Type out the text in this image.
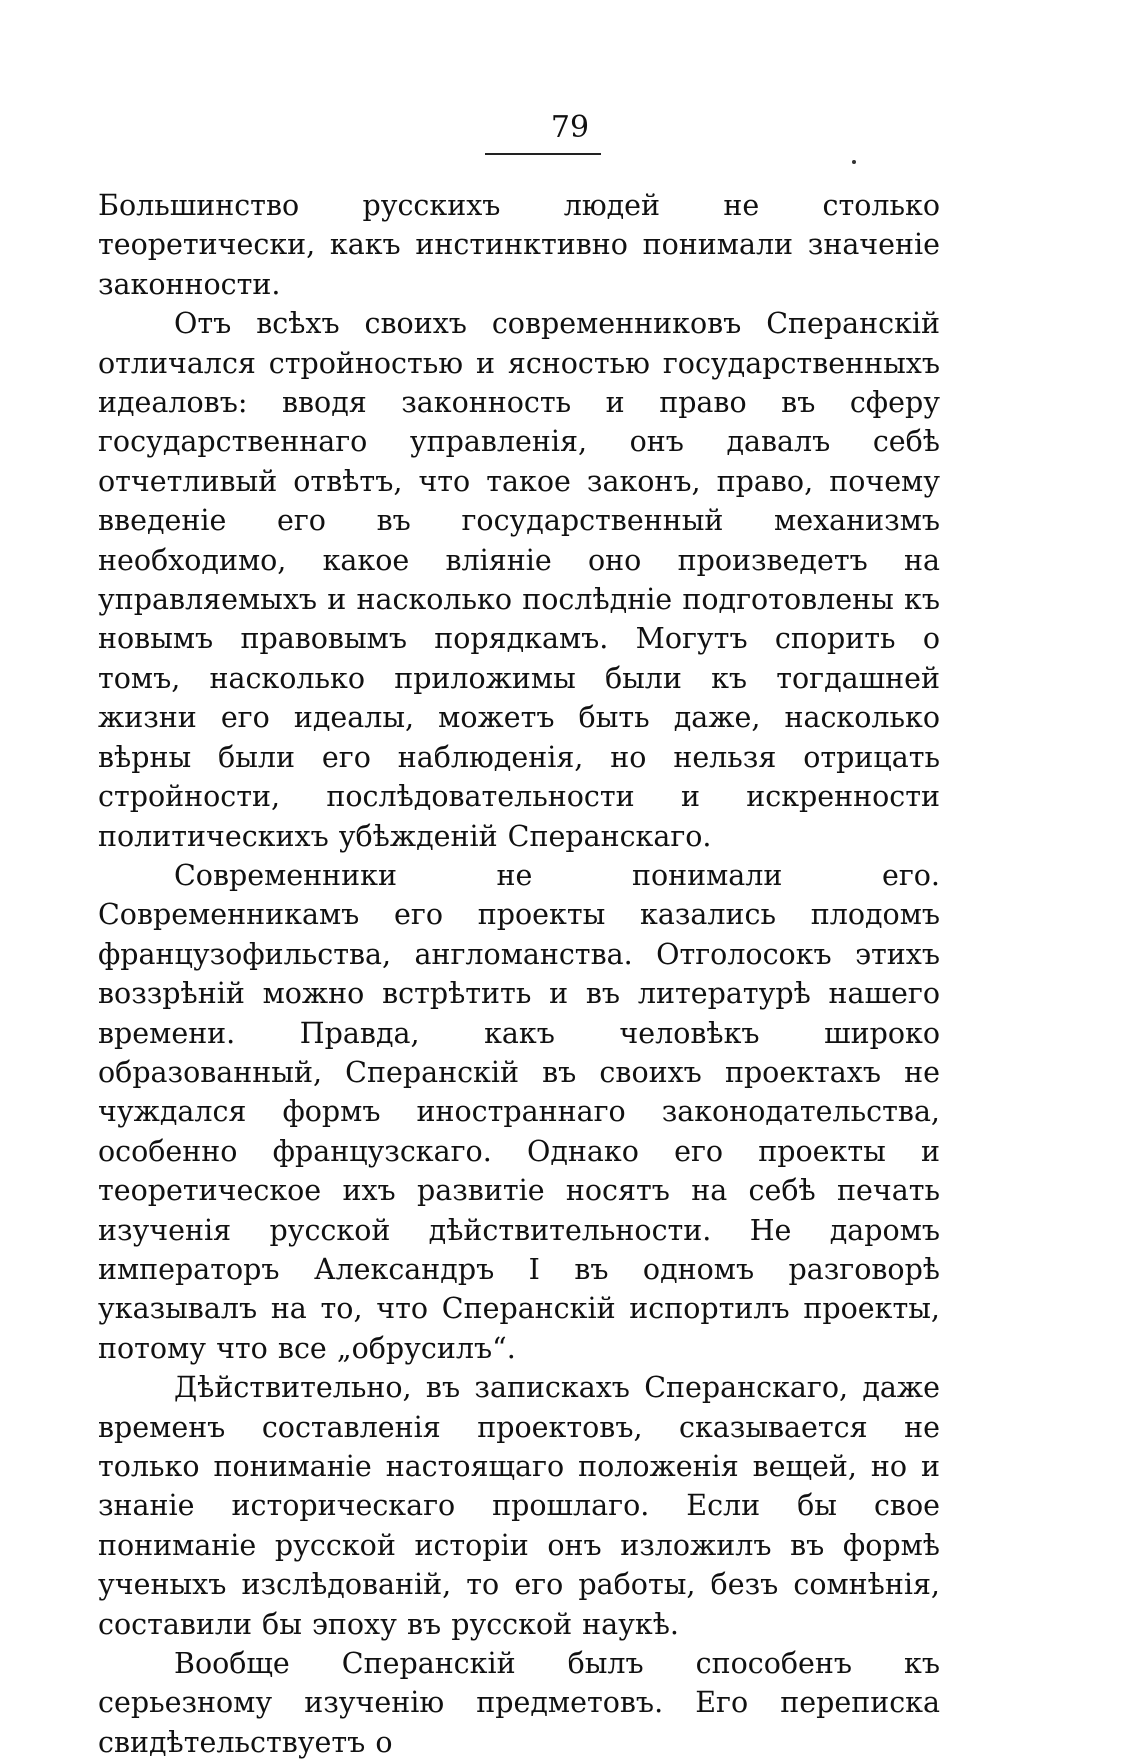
79

Большинство русскихъ людей не столько теоретически, какъ инстинктивно понимали значенiе законности.

Отъ всѣхъ своихъ современниковъ Сперанскiй отличался стройностью и ясностью государственныхъ идеаловъ: вводя законность и право въ сферу государственнаго управленiя, онъ давалъ себѣ отчетливый отвѣтъ, что такое законъ, право, почему введенiе его въ государственный механизмъ необходимо, какое влiянiе оно произведетъ на управляемыхъ и насколько послѣднiе подготовлены къ новымъ правовымъ порядкамъ. Могутъ спорить о томъ, насколько приложимы были къ тогдашней жизни его идеалы, можетъ быть даже, насколько вѣрны были его наблюденiя, но нельзя отрицать стройности, послѣдовательности и искренности политическихъ убѣжденiй Сперанскаго.

Современники не понимали его. Современникамъ его проекты казались плодомъ французофильства, англоманства. Отголосокъ этихъ воззрѣнiй можно встрѣтить и въ литературѣ нашего времени. Правда, какъ человѣкъ широко образованный, Сперанскiй въ своихъ проектахъ не чуждался формъ иностраннаго законодательства, особенно французскаго. Однако его проекты и теоретическое ихъ развитiе носятъ на себѣ печать изученiя русской дѣйствительности. Не даромъ императоръ Александръ I въ одномъ разговорѣ указывалъ на то, что Сперанскiй испортилъ проекты, потому что все „обрусилъ“.

Дѣйствительно, въ запискахъ Сперанскаго, даже временъ составленiя проектовъ, сказывается не только пониманiе настоящаго положенiя вещей, но и знанiе историческаго прошлаго. Если бы свое пониманiе русской исторiи онъ изложилъ въ формѣ ученыхъ изслѣдованiй, то его работы, безъ сомнѣнiя, составили бы эпоху въ русской наукѣ.

Вообще Сперанскiй былъ способенъ къ серьезному изученiю предметовъ. Его переписка свидѣтельствуетъ о
